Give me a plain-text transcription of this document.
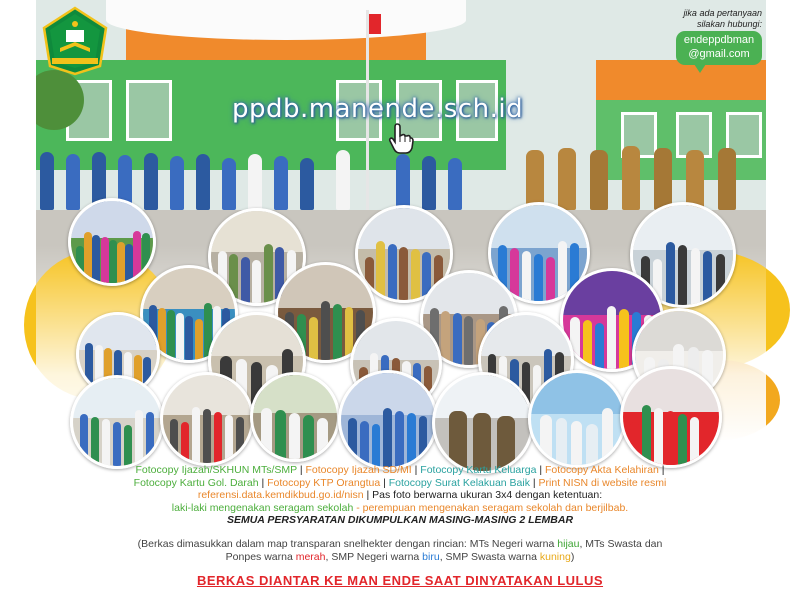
ppdb.manende.sch.id
jika ada pertanyaan
silakan hubungi:
endeppdbman
@gmail.com
Fotocopy Ijazah/SKHUN MTs/SMP | Fotocopy Ijazah SD/MI | Fotocopy Kartu Keluarga | Fotocopy Akta Kelahiran |
Fotocopy Kartu Gol. Darah | Fotocopy KTP Orangtua | Fotocopy Surat Kelakuan Baik | Print NISN di website resmi
referensi.data.kemdikbud.go.id/nisn | Pas foto berwarna ukuran 3x4 dengan ketentuan:
laki-laki mengenakan seragam sekolah - perempuan mengenakan seragam sekolah dan berjilbab.
SEMUA PERSYARATAN DIKUMPULKAN MASING-MASING 2 LEMBAR
(Berkas dimasukkan dalam map transparan snelhekter dengan rincian: MTs Negeri warna hijau, MTs Swasta dan Ponpes warna merah, SMP Negeri warna biru, SMP Swasta warna kuning)
BERKAS DIANTAR KE MAN ENDE SAAT DINYATAKAN LULUS
